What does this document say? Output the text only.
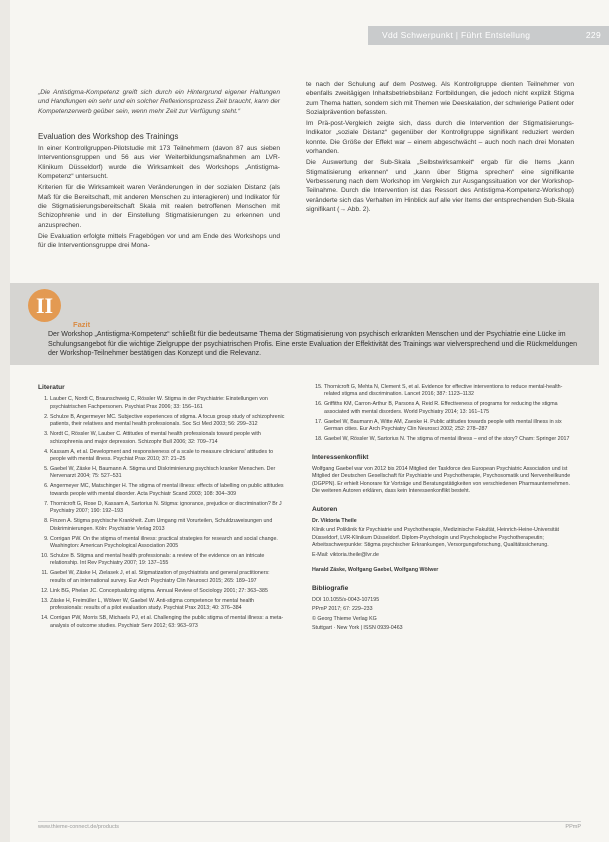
Vdd Schwerpunkt | Führt Entstellung	229

„Die Antistigma-Kompetenz greift sich durch ein Hintergrund eigener Haltungen und Handlungen ein sehr und ein solcher Reflexionsprozess Zeit braucht, kann der Kompetenzerwerb geüber sein, wenn mehr Zeit zur Verfügung steht.“

Evaluation des Workshop des Trainings

In einer Kontrollgruppen-Pilotstudie mit 173 Teilnehmern (davon 87 aus sieben Interventionsgruppen und 56 aus vier Weiterbildungsmaßnahmen am LVR-Klinikum Düsseldorf) wurde die Wirksamkeit des Workshops „Antistigma-Kompetenz“ untersucht.

Kriterien für die Wirksamkeit waren Veränderungen in der sozialen Distanz (als Maß für die Bereitschaft, mit anderen Menschen zu interagieren) und Indikator für die Stigmatisierungsbereitschaft Skala mit realen betroffenen Menschen mit Schizophrenie und in der Einstellung Stigmatisierungen zu erkennen und anzusprechen.

Die Evaluation erfolgte mittels Fragebögen vor und am Ende des Workshops und für die Interventionsgruppe drei Mona-

te nach der Schulung auf dem Postweg. Als Kontrollgruppe dienten Teilnehmer von ebenfalls zweitägigen Inhaltsbetriebsbilanz Fortbildungen, die jedoch nicht explizit Stigma zum Thema hatten, sondern sich mit Themen wie Deeskalation, der schwierige Patient oder Sozialprävention befassten.

Im Prä-post-Vergleich zeigte sich, dass durch die Intervention der Stigmatisierungs-Indikator „soziale Distanz“ gegenüber der Kontrollgruppe signifikant reduziert werden konnte. Die Größe der Effekt war – einem abgeschwächt – auch noch nach drei Monaten vorhanden.

Die Auswertung der Sub-Skala „Selbstwirksamkeit“ ergab für die Items „kann Stigmatisierung erkennen“ und „kann über Stigma sprechen“ eine signifikante Verbesserung nach dem Workshop im Vergleich zur Ausgangssituation vor der Workshop-Teilnahme. Durch die Intervention ist das Ressort des Antistigma-Kompetenz-Workshop) veränderte sich das Verhalten im Hinblick auf alle vier Items der entsprechenden Sub-Skala signifikant (→ Abb. 2).

II
Fazit
Der Workshop „Antistigma-Kompetenz“ schließt für die bedeutsame Thema der Stigmatisierung von psychisch erkrankten Menschen und der Psychiatrie eine Lücke im Schulungsangebot für die wichtige Zielgruppe der psychiatrischen Profis. Eine erste Evaluation der Effektivität des Trainings war vielversprechend und die Rückmeldungen der Workshop-Teilnehmer bestätigen das Konzept und die Relevanz.
Literatur
1. Lauber C, Nordt C, Braunschweig C, Rössler W. Stigma in der Psychiatrie: Einstellungen von psychiatrischen Fachpersonen. Psychiat Prax 2006; 33: 156–161
2. Schulze B, Angermeyer MC. Subjective experiences of stigma. A focus group study of schizophrenic patients, their relatives and mental health professionals. Soc Sci Med 2003; 56: 299–312
3. Nordt C, Rössler W, Lauber C. Attitudes of mental health professionals toward people with schizophrenia and major depression. Schizophr Bull 2006; 32: 709–714
4. Kassam A, et al. Development and responsiveness of a scale to measure clinicians' attitudes to people with mental illness. Psychiat Prax 2010; 37: 21–25
5. Gaebel W, Zäske H, Baumann A. Stigma und Diskriminierung psychisch kranker Menschen. Der Nervenarzt 2004; 75: 527–531
6. Angermeyer MC, Matschinger H. The stigma of mental illness: effects of labelling on public attitudes towards people with mental disorder. Acta Psychiatr Scand 2003; 108: 304–309
7. Thornicroft G, Rose D, Kassam A, Sartorius N. Stigma: ignorance, prejudice or discrimination? Br J Psychiatry 2007; 190: 192–193
8. Finzen A. Stigma psychische Krankheit. Zum Umgang mit Vorurteilen, Schuldzuweisungen und Diskriminierungen. Köln: Psychiatrie Verlag 2013
9. Corrigan PW. On the stigma of mental illness: practical strategies for research and social change. Washington: American Psychological Association 2005
10. Schulze B. Stigma and mental health professionals: a review of the evidence on an intricate relationship. Int Rev Psychiatry 2007; 19: 137–155
11. Gaebel W, Zäske H, Zielasek J, et al. Stigmatization of psychiatrists and general practitioners: results of an international survey. Eur Arch Psychiatry Clin Neurosci 2015; 265: 189–197
12. Link BG, Phelan JC. Conceptualizing stigma. Annual Review of Sociology 2001; 27: 363–385
13. Zäske H, Freimüller L, Wölwer W, Gaebel W. Anti-stigma competence for mental health professionals: results of a pilot evaluation study. Psychiat Prax 2013; 40: 376–384
14. Corrigan PW, Morris SB, Michaels PJ, et al. Challenging the public stigma of mental illness: a meta-analysis of outcome studies. Psychiatr Serv 2012; 63: 963–973
15. Thornicroft G, Mehta N, Clement S, et al. Evidence for effective interventions to reduce mental-health-related stigma and discrimination. Lancet 2016; 387: 1123–1132
16. Griffiths KM, Carron-Arthur B, Parsons A, Reid R. Effectiveness of programs for reducing the stigma associated with mental disorders. World Psychiatry 2014; 13: 161–175
17. Gaebel W, Baumann A, Witte AM, Zaeske H. Public attitudes towards people with mental illness in six German cities. Eur Arch Psychiatry Clin Neurosci 2002; 252: 278–287
18. Gaebel W, Rössler W, Sartorius N. The stigma of mental illness – end of the story? Cham: Springer 2017
Interessenkonflikt

Wolfgang Gaebel war von 2012 bis 2014 Mitglied der Taskforce des European Psychiatric Association und ist Mitglied der Deutschen Gesellschaft für Psychiatrie und Psychotherapie, Psychosomatik und Nervenheilkunde (DGPPN). Er erhielt Honorare für Vorträge und Beratungstätigkeiten von verschiedenen Pharmaunternehmen. Die weiteren Autoren erklären, dass kein Interessenkonflikt besteht.

Autoren

Dr. Viktoria Theile

Klinik und Poliklinik für Psychiatrie und Psychotherapie, Medizinische Fakultät, Heinrich-Heine-Universität Düsseldorf, LVR-Klinikum Düsseldorf. Diplom-Psychologin und Psychologische Psychotherapeutin; Arbeitsschwerpunkte: Stigma psychischer Erkrankungen, Versorgungsforschung, Qualitätssicherung.

E-Mail: viktoria.theile@lvr.de

Harald Zäske, Wolfgang Gaebel, Wolfgang Wölwer

Bibliografie

DOI 10.1055/s-0043-107195

PPmP 2017; 67: 229–233

© Georg Thieme Verlag KG

Stuttgart · New York | ISSN 0939-0463

www.thieme-connect.de/products	PPmP
